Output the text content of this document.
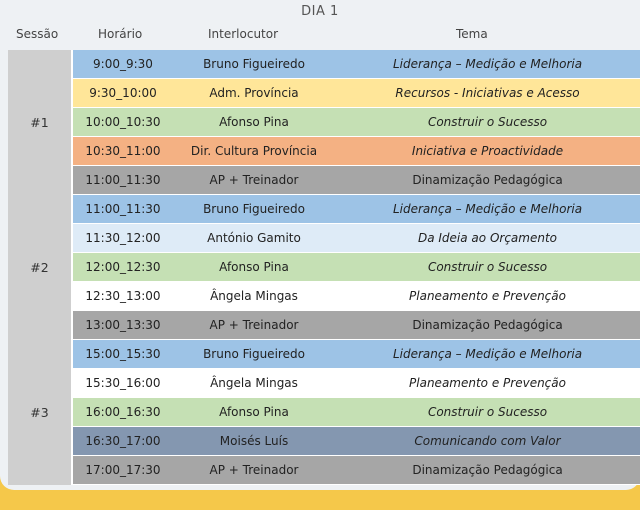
DIA 1
Sessão	Horário	Interlocutor	Tema
#1
9:00_9:30	Bruno Figueiredo	Liderança – Medição e Melhoria
9:30_10:00	Adm. Província	Recursos - Iniciativas e Acesso
10:00_10:30	Afonso Pina	Construir o Sucesso
10:30_11:00	Dir. Cultura Província	Iniciativa e Proactividade
11:00_11:30	AP + Treinador	Dinamização Pedagógica
#2
11:00_11:30	Bruno Figueiredo	Liderança – Medição e Melhoria
11:30_12:00	António Gamito	Da Ideia ao Orçamento
12:00_12:30	Afonso Pina	Construir o Sucesso
12:30_13:00	Ângela Mingas	Planeamento e Prevenção
13:00_13:30	AP + Treinador	Dinamização Pedagógica
#3
15:00_15:30	Bruno Figueiredo	Liderança – Medição e Melhoria
15:30_16:00	Ângela Mingas	Planeamento e Prevenção
16:00_16:30	Afonso Pina	Construir o Sucesso
16:30_17:00	Moisés Luís	Comunicando com Valor
17:00_17:30	AP + Treinador	Dinamização Pedagógica
